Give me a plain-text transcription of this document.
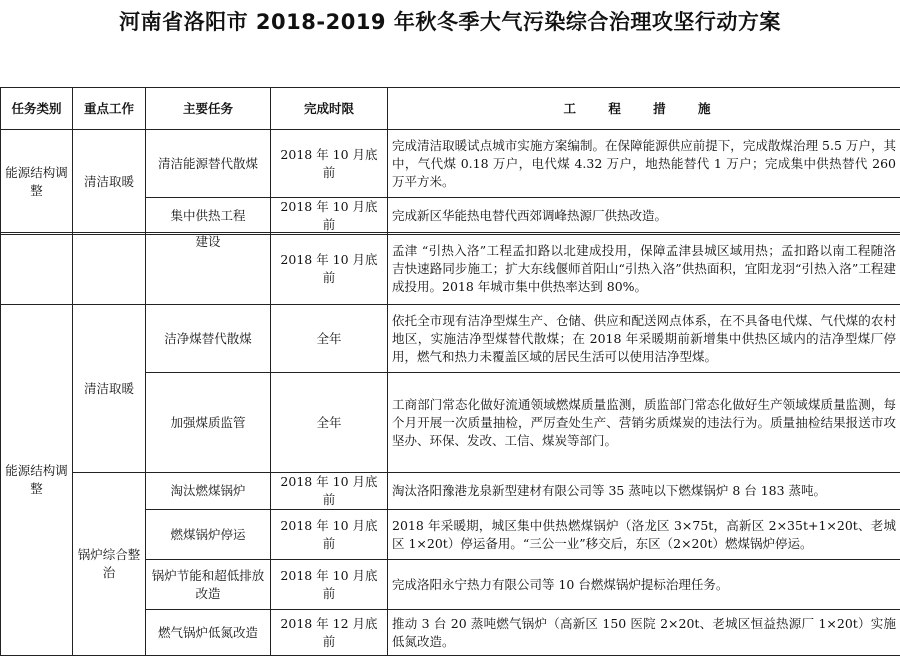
河南省洛阳市 2018-2019 年秋冬季大气污染综合治理攻坚行动方案
任务类别	重点工作	主要任务	完成时限	工 程 措 施
能源结构调整	清洁取暖	清洁能源替代散煤	2018 年 10 月底前	完成清洁取暖试点城市实施方案编制。在保障能源供应前提下，完成散煤治理 5.5 万户，其中，气代煤 0.18 万户，电代煤 4.32 万户，地热能替代 1 万户；完成集中供热替代 260 万平方米。
		集中供热工程	2018 年 10 月底前	完成新区华能热电替代西郊调峰热源厂供热改造。
		建设	2018 年 10 月底前	孟津 “引热入洛”工程孟扣路以北建成投用，保障孟津县城区域用热；孟扣路以南工程随洛吉快速路同步施工；扩大东线偃师首阳山“引热入洛”供热面积，宜阳龙羽“引热入洛”工程建成投用。2018 年城市集中供热率达到 80%。
能源结构调整	清洁取暖	洁净煤替代散煤	全年	依托全市现有洁净型煤生产、仓储、供应和配送网点体系，在不具备电代煤、气代煤的农村地区，实施洁净型煤替代散煤；在 2018 年采暖期前新增集中供热区域内的洁净型煤厂停用，燃气和热力未覆盖区域的居民生活可以使用洁净型煤。
		加强煤质监管	全年	工商部门常态化做好流通领域燃煤质量监测，质监部门常态化做好生产领域煤质量监测，每个月开展一次质量抽检，严厉查处生产、营销劣质煤炭的违法行为。质量抽检结果报送市攻坚办、环保、发改、工信、煤炭等部门。
	锅炉综合整治	淘汰燃煤锅炉	2018 年 10 月底前	淘汰洛阳豫港龙泉新型建材有限公司等 35 蒸吨以下燃煤锅炉 8 台 183 蒸吨。
		燃煤锅炉停运	2018 年 10 月底前	2018 年采暖期，城区集中供热燃煤锅炉（洛龙区 3×75t，高新区 2×35t+1×20t、老城区 1×20t）停运备用。“三公一业”移交后，东区（2×20t）燃煤锅炉停运。
		锅炉节能和超低排放改造	2018 年 10 月底前	完成洛阳永宁热力有限公司等 10 台燃煤锅炉提标治理任务。
		燃气锅炉低氮改造	2018 年 12 月底前	推动 3 台 20 蒸吨燃气锅炉（高新区 150 医院 2×20t、老城区恒益热源厂 1×20t）实施低氮改造。
